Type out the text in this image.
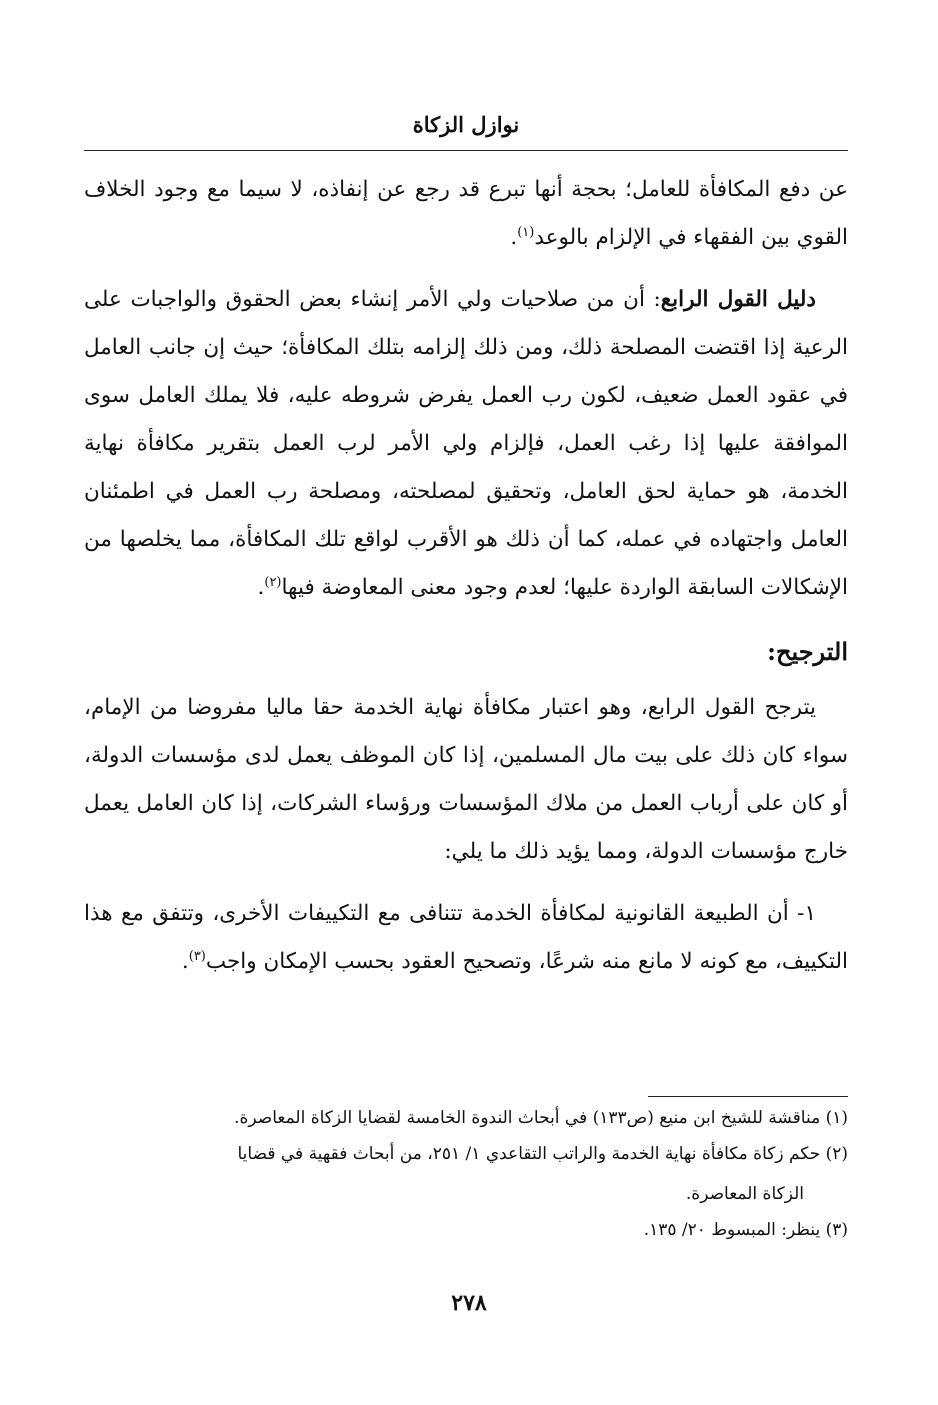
نوازل الزكاة

عن دفع المكافأة للعامل؛ بحجة أنها تبرع قد رجع عن إنفاذه، لا سيما مع وجود الخلاف القوي بين الفقهاء في الإلزام بالوعد$^{(١)}$.

دليل القول الرابع: أن من صلاحيات ولي الأمر إنشاء بعض الحقوق والواجبات على الرعية إذا اقتضت المصلحة ذلك، ومن ذلك إلزامه بتلك المكافأة؛ حيث إن جانب العامل في عقود العمل ضعيف، لكون رب العمل يفرض شروطه عليه، فلا يملك العامل سوى الموافقة عليها إذا رغب العمل، فإلزام ولي الأمر لرب العمل بتقرير مكافأة نهاية الخدمة، هو حماية لحق العامل، وتحقيق لمصلحته، ومصلحة رب العمل في اطمئنان العامل واجتهاده في عمله، كما أن ذلك هو الأقرب لواقع تلك المكافأة، مما يخلصها من الإشكالات السابقة الواردة عليها؛ لعدم وجود معنى المعاوضة فيها$^{(٢)}$.

الترجيح:

يترجح القول الرابع، وهو اعتبار مكافأة نهاية الخدمة حقا ماليا مفروضا من الإمام، سواء كان ذلك على بيت مال المسلمين، إذا كان الموظف يعمل لدى مؤسسات الدولة، أو كان على أرباب العمل من ملاك المؤسسات ورؤساء الشركات، إذا كان العامل يعمل خارج مؤسسات الدولة، ومما يؤيد ذلك ما يلي:

١- أن الطبيعة القانونية لمكافأة الخدمة تتنافى مع التكييفات الأخرى، وتتفق مع هذا التكييف، مع كونه لا مانع منه شرعًا، وتصحيح العقود بحسب الإمكان واجب$^{(٣)}$.

(١) مناقشة للشيخ ابن منيع (ص١٣٣) في أبحاث الندوة الخامسة لقضايا الزكاة المعاصرة.

(٢) حكم زكاة مكافأة نهاية الخدمة والراتب التقاعدي ١/ ٢٥١، من أبحاث فقهية في قضايا

الزكاة المعاصرة.

(٣) ينظر: المبسوط ٢٠/ ١٣٥.

٢٧٨
